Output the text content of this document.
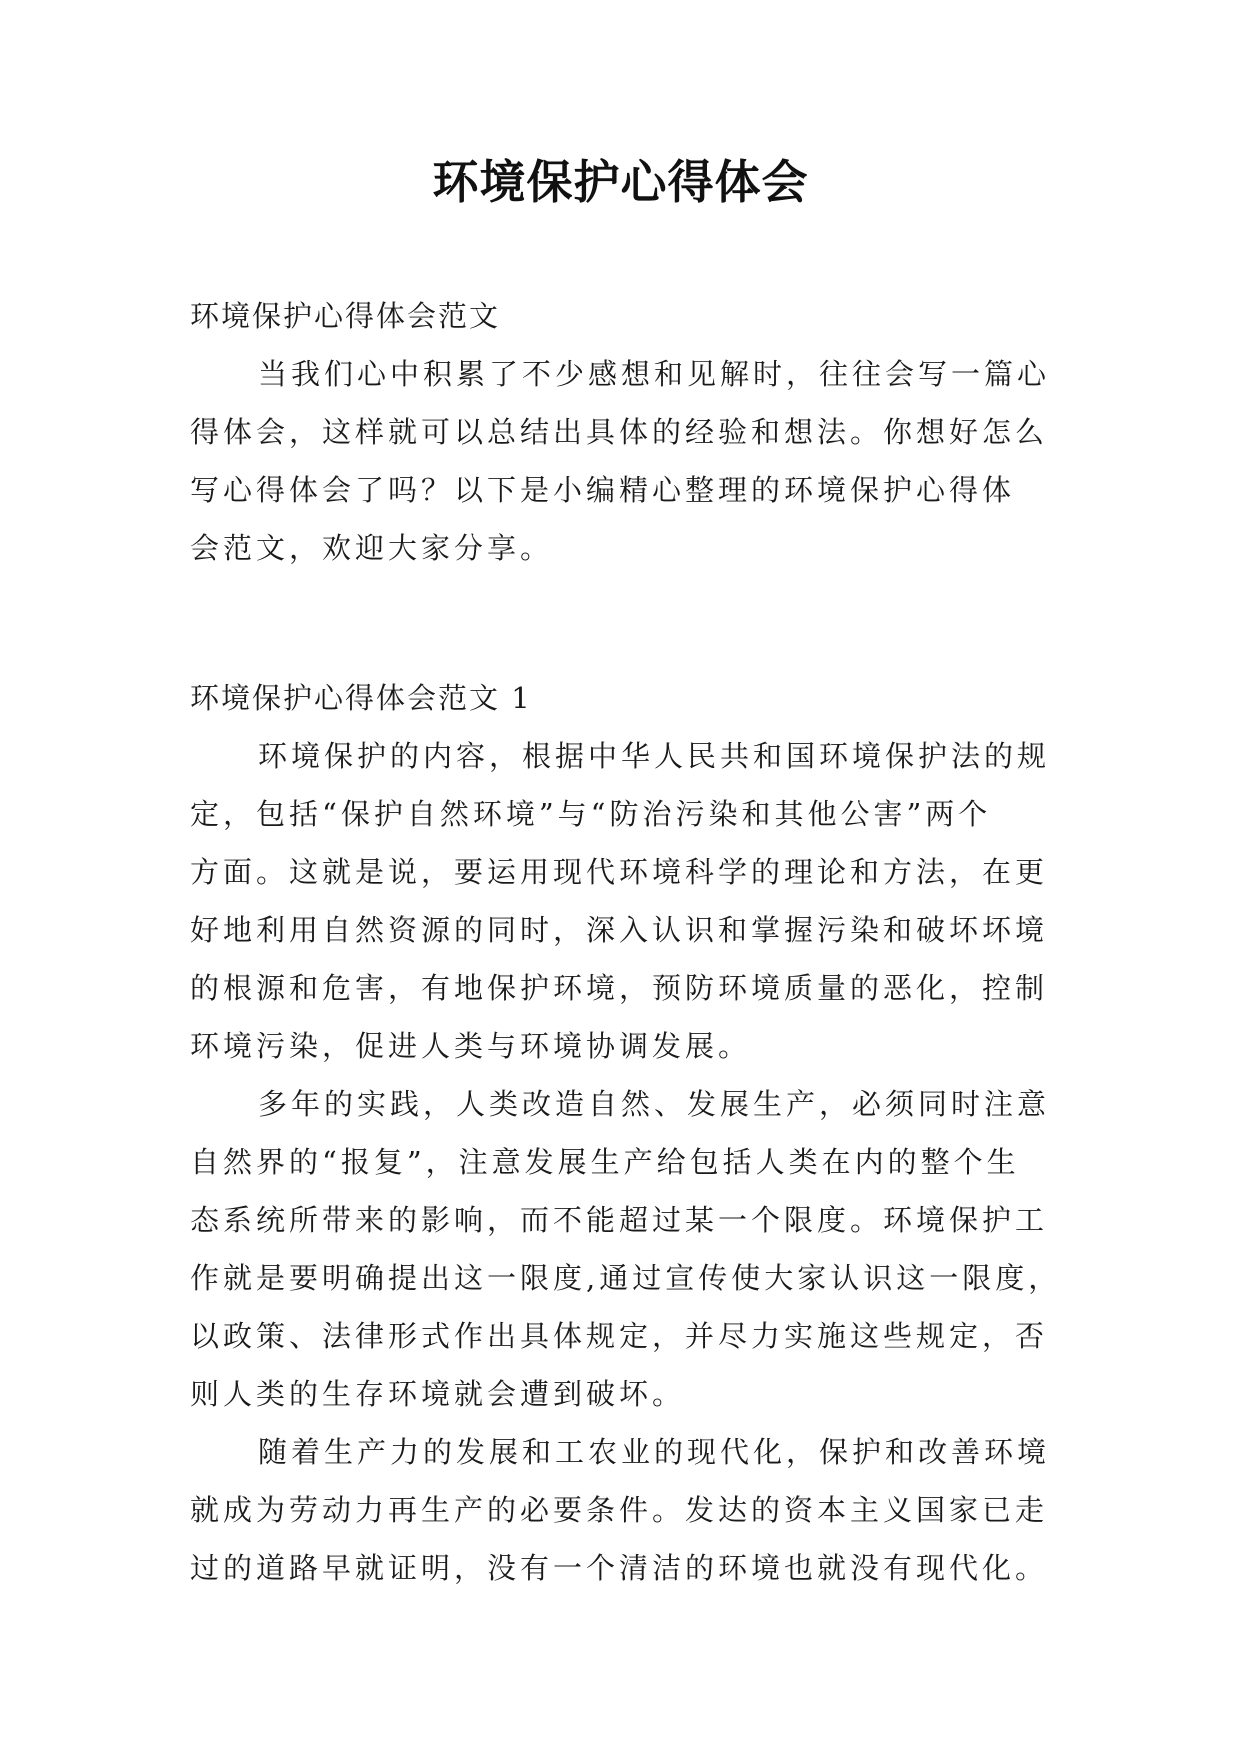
环境保护心得体会

环境保护心得体会范文

当我们心中积累了不少感想和见解时，往往会写一篇心
得体会，这样就可以总结出具体的经验和想法。你想好怎么
写心得体会了吗？以下是小编精心整理的环境保护心得体
会范文，欢迎大家分享。

环境保护心得体会范文 1

环境保护的内容，根据中华人民共和国环境保护法的规
定，包括“保护自然环境”与“防治污染和其他公害”两个
方面。这就是说，要运用现代环境科学的理论和方法，在更
好地利用自然资源的同时，深入认识和掌握污染和破坏坏境
的根源和危害，有地保护环境，预防环境质量的恶化，控制
环境污染，促进人类与环境协调发展。
多年的实践，人类改造自然、发展生产，必须同时注意
自然界的“报复”，注意发展生产给包括人类在内的整个生
态系统所带来的影响，而不能超过某一个限度。环境保护工
作就是要明确提出这一限度,通过宣传使大家认识这一限度，
以政策、法律形式作出具体规定，并尽力实施这些规定，否
则人类的生存环境就会遭到破坏。
随着生产力的发展和工农业的现代化，保护和改善环境
就成为劳动力再生产的必要条件。发达的资本主义国家已走
过的道路早就证明，没有一个清洁的环境也就没有现代化。
